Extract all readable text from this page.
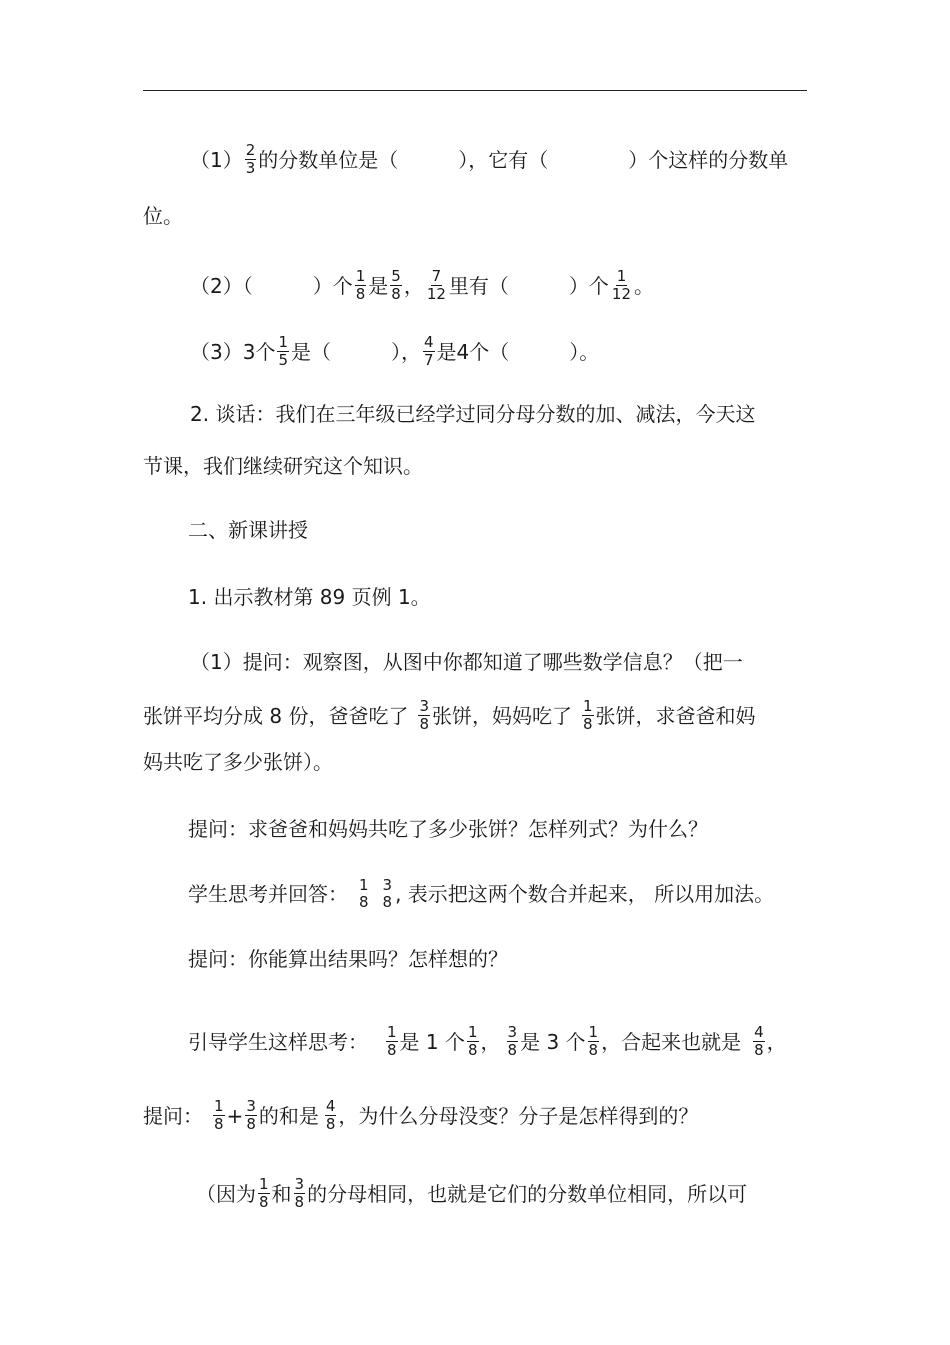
$(1) \frac{2}{3}$ 的分数单位是（　　　），它有（　　　　）个这样的分数单
位。
（2）（　　　）个 $\frac{1}{8}$ 是 $\frac{5}{8}$ ， $\frac{7}{12}$ 里有（　　　）个 $\frac{1}{12}$ 。
（3）3个 $\frac{1}{5}$ 是（　　　）， $\frac{4}{7}$ 是4个（　　　）。
2. 谈话：我们在三年级已经学过同分母分数的加、减法，今天这
节课，我们继续研究这个知识。
二、新课讲授
1. 出示教材第 89 页例 1。
（1）提问：观察图，从图中你都知道了哪些数学信息？（把一
张饼平均分成 8 份，爸爸吃了 $\frac{3}{8}$ 张饼，妈妈吃了 $\frac{1}{8}$ 张饼，求爸爸和妈
妈共吃了多少张饼）。
提问：求爸爸和妈妈共吃了多少张饼？怎样列式？为什么？
学生思考并回答： 1
8
3
8 , 表示把这两个数合并起来， 所以用加法。
提问：你能算出结果吗？怎样想的？
引导学生这样思考： $\frac{1}{8}$ 是 1 个 $\frac{1}{8}$ ， $\frac{3}{8}$ 是 3 个 $\frac{1}{8}$ ，合起来也就是 $\frac{4}{8}$ ，
提问： $\frac{1}{8} + \frac{3}{8}$ 的和是 $\frac{4}{8}$ ，为什么分母没变？分子是怎样得到的？
（因为 $\frac{1}{8}$ 和 $\frac{3}{8}$ 的分母相同，也就是它们的分数单位相同，所以可
